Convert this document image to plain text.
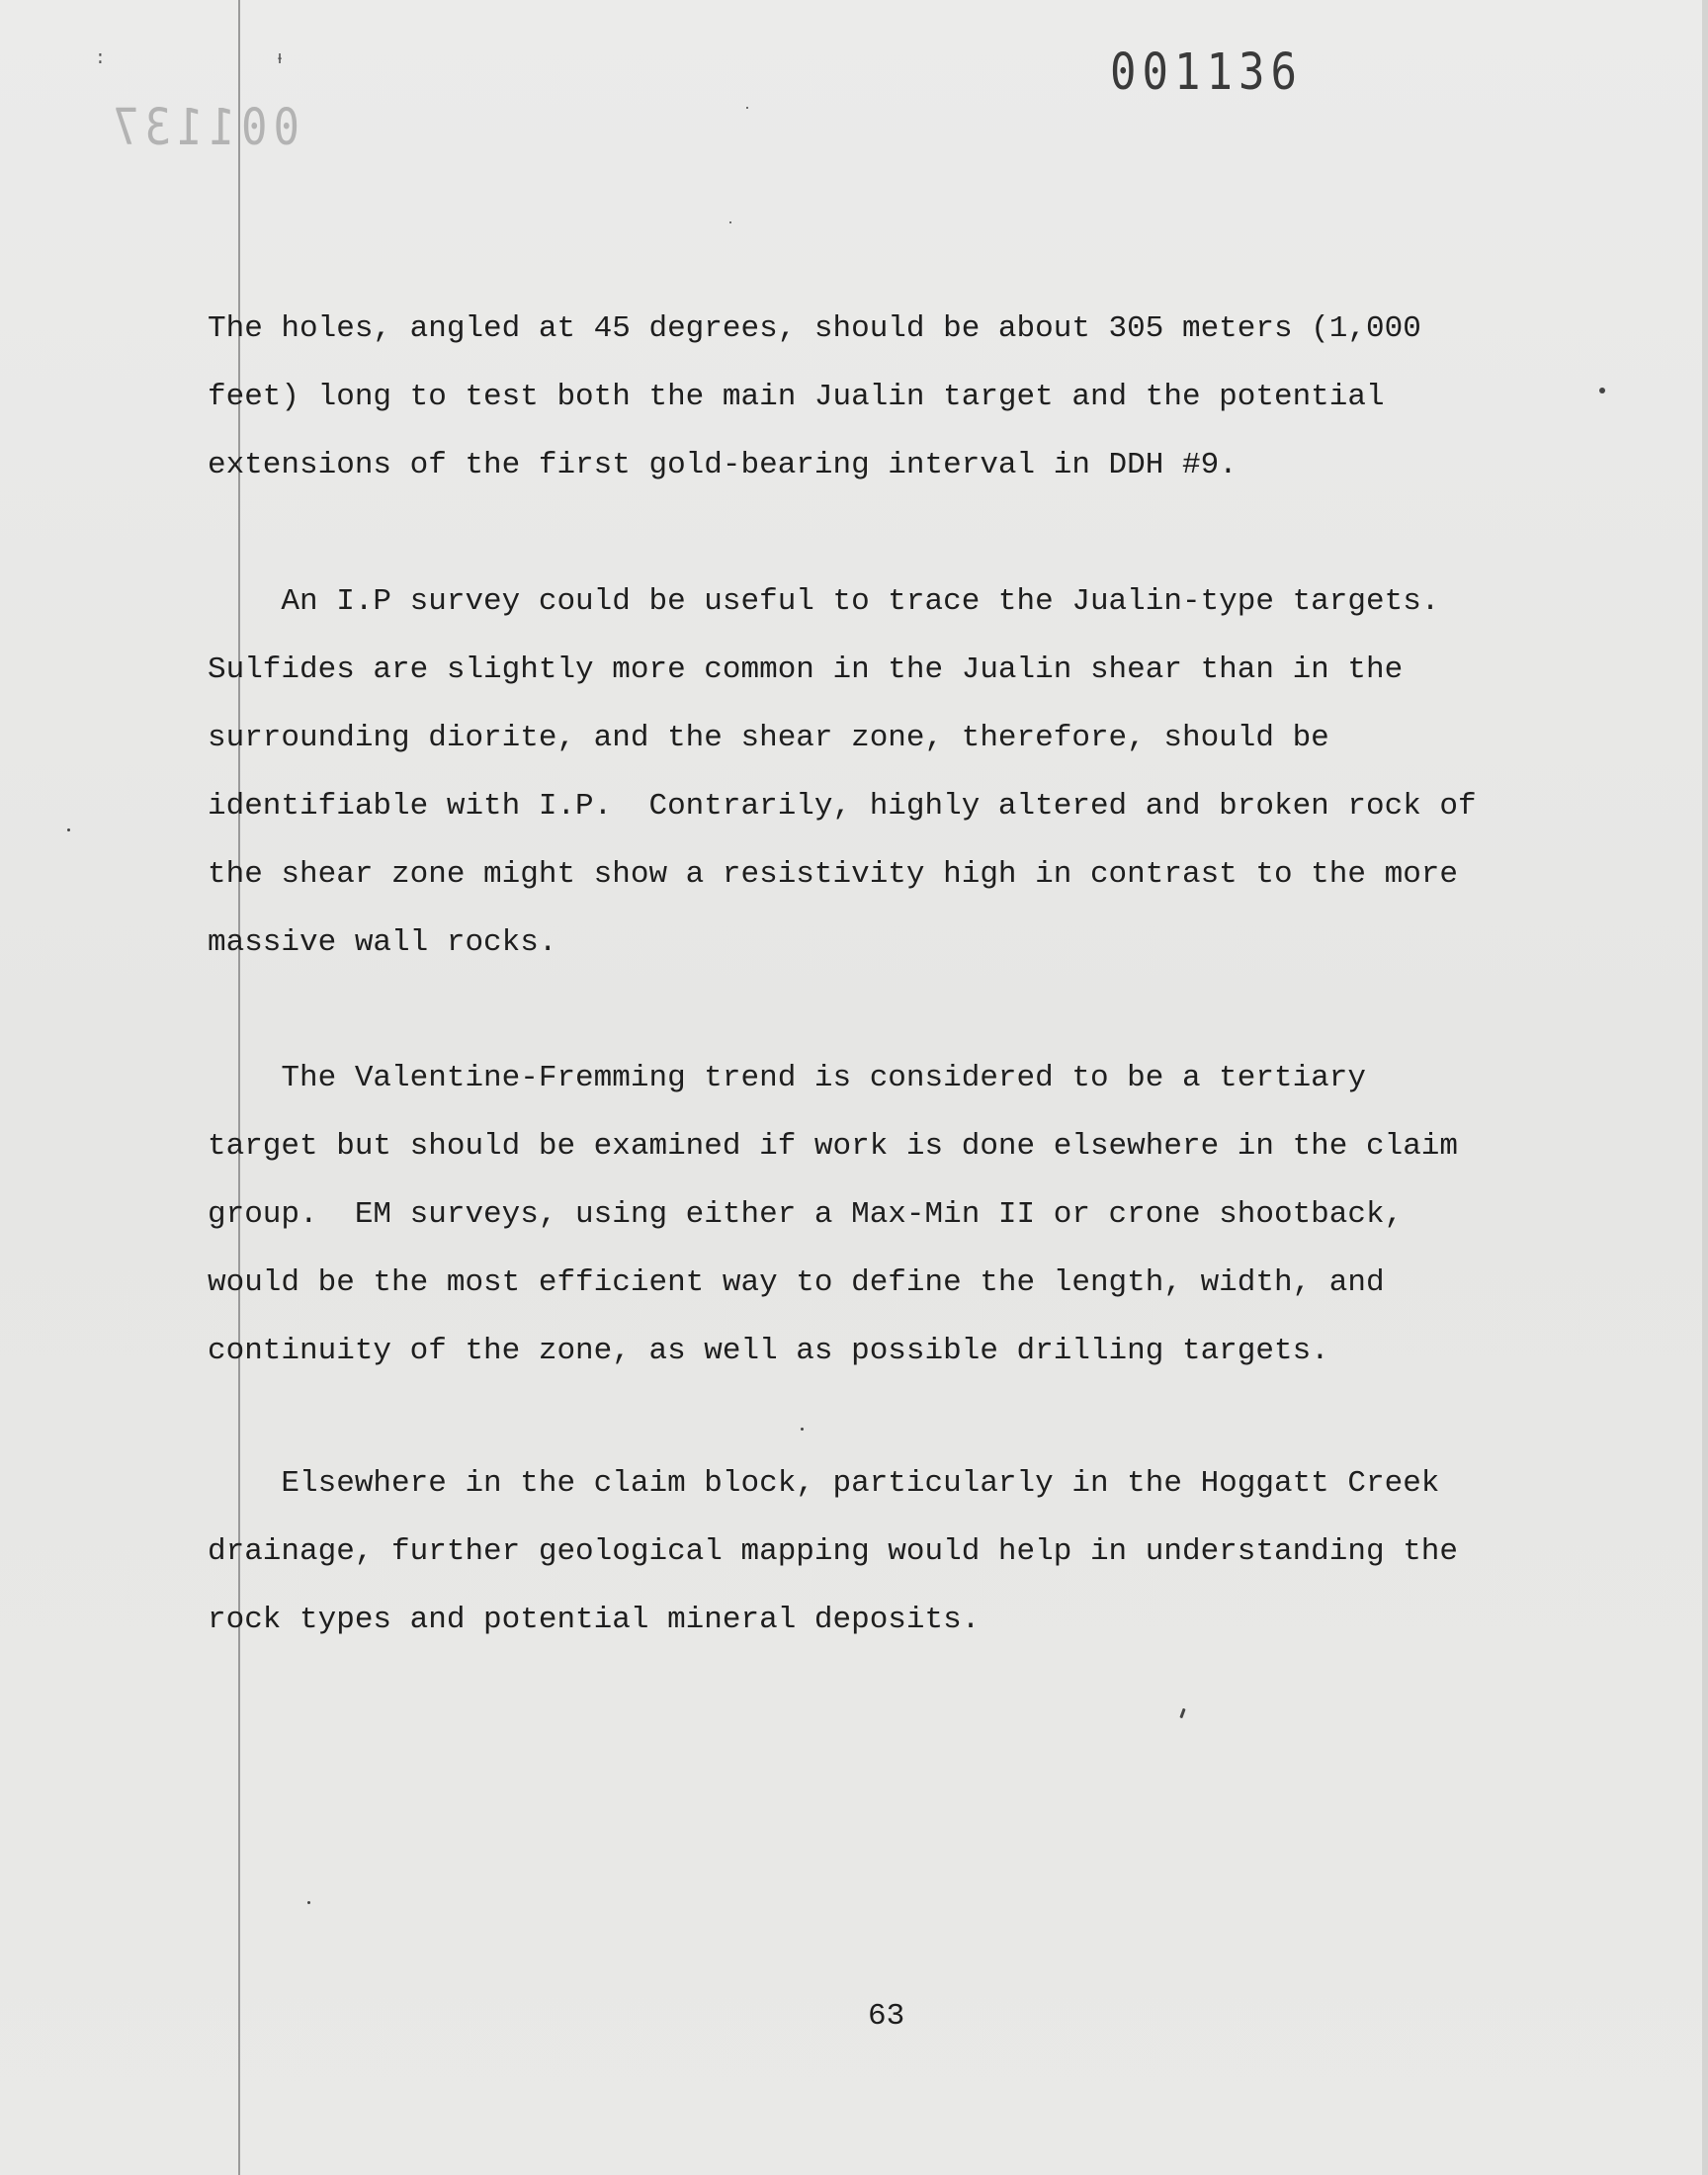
: ᵻ
001137
001136

The holes, angled at 45 degrees, should be about 305 meters (1,000
feet) long to test both the main Jualin target and the potential
extensions of the first gold-bearing interval in DDH #9.

An I.P survey could be useful to trace the Jualin-type targets.
Sulfides are slightly more common in the Jualin shear than in the
surrounding diorite, and the shear zone, therefore, should be
identifiable with I.P.  Contrarily, highly altered and broken rock of
the shear zone might show a resistivity high in contrast to the more
massive wall rocks.

The Valentine-Fremming trend is considered to be a tertiary
target but should be examined if work is done elsewhere in the claim
group.  EM surveys, using either a Max-Min II or crone shootback,
would be the most efficient way to define the length, width, and
continuity of the zone, as well as possible drilling targets.

Elsewhere in the claim block, particularly in the Hoggatt Creek
drainage, further geological mapping would help in understanding the
rock types and potential mineral deposits.

63
